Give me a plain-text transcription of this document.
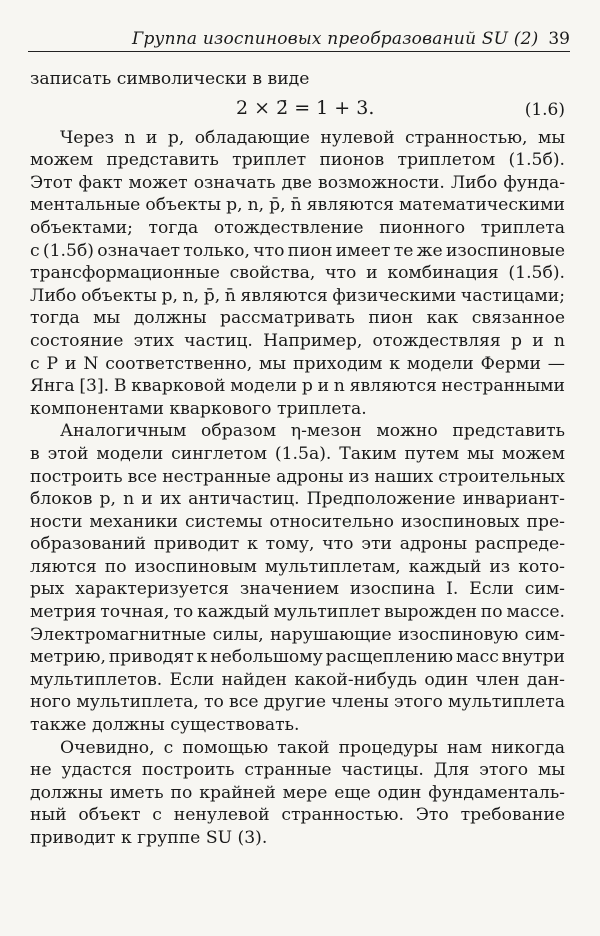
Группа изоспиновых преобразований SU (2) 39
записать символически в виде
2 × 2̄ = 1 + 3.	(1.6)
Через n и p, обладающие нулевой странностью, мы
можем представить триплет пионов триплетом (1.5б).
Этот факт может означать две возможности. Либо фунда-
ментальные объекты p, n, p̄, n̄ являются математическими
объектами; тогда отождествление пионного триплета
с (1.5б) означает только, что пион имеет те же изоспиновые
трансформационные свойства, что и комбинация (1.5б).
Либо объекты p, n, p̄, n̄ являются физическими частицами;
тогда мы должны рассматривать пион как связанное
состояние этих частиц. Например, отождествляя p и n
с P и N соответственно, мы приходим к модели Ферми —
Янга [3]. В кварковой модели p и n являются нестранными
компонентами кваркового триплета.
Аналогичным образом η-мезон можно представить
в этой модели синглетом (1.5а). Таким путем мы можем
построить все нестранные адроны из наших строительных
блоков p, n и их античастиц. Предположение инвариант-
ности механики системы относительно изоспиновых пре-
образований приводит к тому, что эти адроны распреде-
ляются по изоспиновым мультиплетам, каждый из кото-
рых характеризуется значением изоспина I. Если сим-
метрия точная, то каждый мультиплет вырожден по массе.
Электромагнитные силы, нарушающие изоспиновую сим-
метрию, приводят к небольшому расщеплению масс внутри
мультиплетов. Если найден какой-нибудь один член дан-
ного мультиплета, то все другие члены этого мультиплета
также должны существовать.
Очевидно, с помощью такой процедуры нам никогда
не удастся построить странные частицы. Для этого мы
должны иметь по крайней мере еще один фундаменталь-
ный объект с ненулевой странностью. Это требование
приводит к группе SU (3).
